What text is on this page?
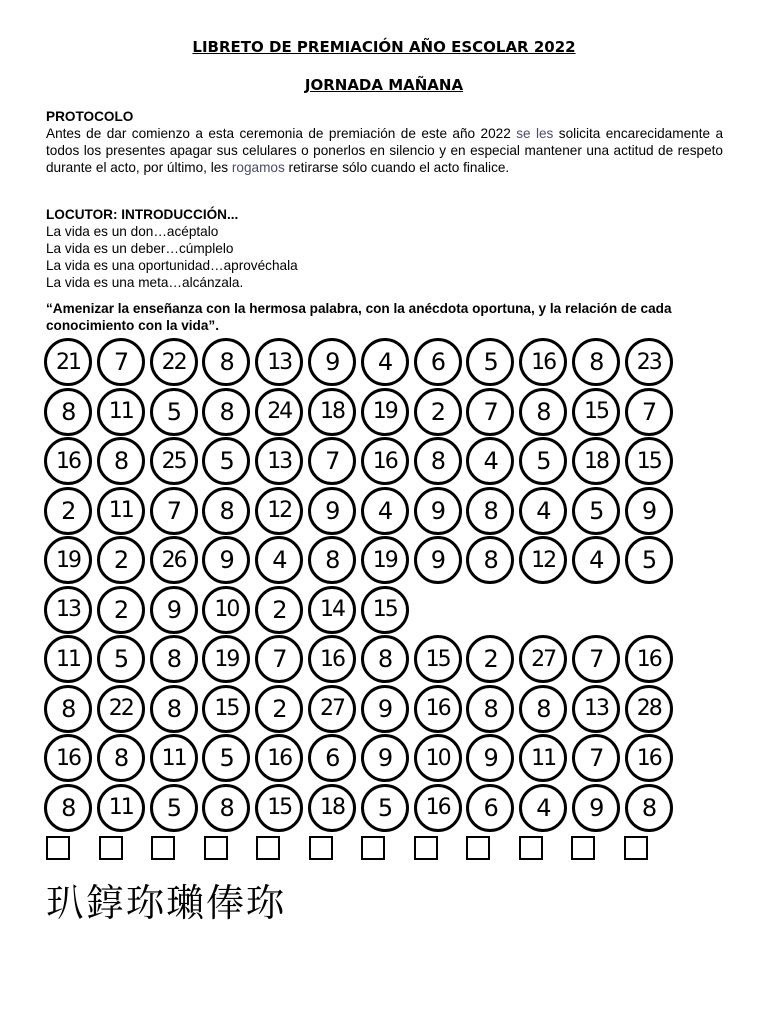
LIBRETO DE PREMIACIÓN AÑO ESCOLAR 2022
JORNADA MAÑANA
PROTOCOLO
Antes de dar comienzo a esta ceremonia de premiación de este año 2022 se les solicita encarecidamente a todos los presentes apagar sus celulares o ponerlos en silencio y en especial mantener una actitud de respeto durante el acto, por último, les rogamos retirarse sólo cuando el acto finalice.
LOCUTOR: INTRODUCCIÓN...
La vida es un don…acéptalo
La vida es un deber…cúmplelo
La vida es una oportunidad…aprovéchala
La vida es una meta…alcánzala.
“Amenizar la enseñanza con la hermosa palabra, con la anécdota oportuna, y la relación de cada conocimiento con la vida”.
21	7	22	8	13	9	4	6	5	16	8	23
8	11	5	8	24	18	19	2	7	8	15	7
16	8	25	5	13	7	16	8	4	5	18	15
2	11	7	8	12	9	4	9	8	4	5	9
19	2	26	9	4	8	19	9	8	12	4	5
13	2	9	10	2	14	15
11	5	8	19	7	16	8	15	2	27	7	16
8	22	8	15	2	27	9	16	8	8	13	28
16	8	11	5	16	6	9	10	9	11	7	16
8	11	5	8	15	18	5	16	6	4	9	8
玐錞珎瓎俸珎
